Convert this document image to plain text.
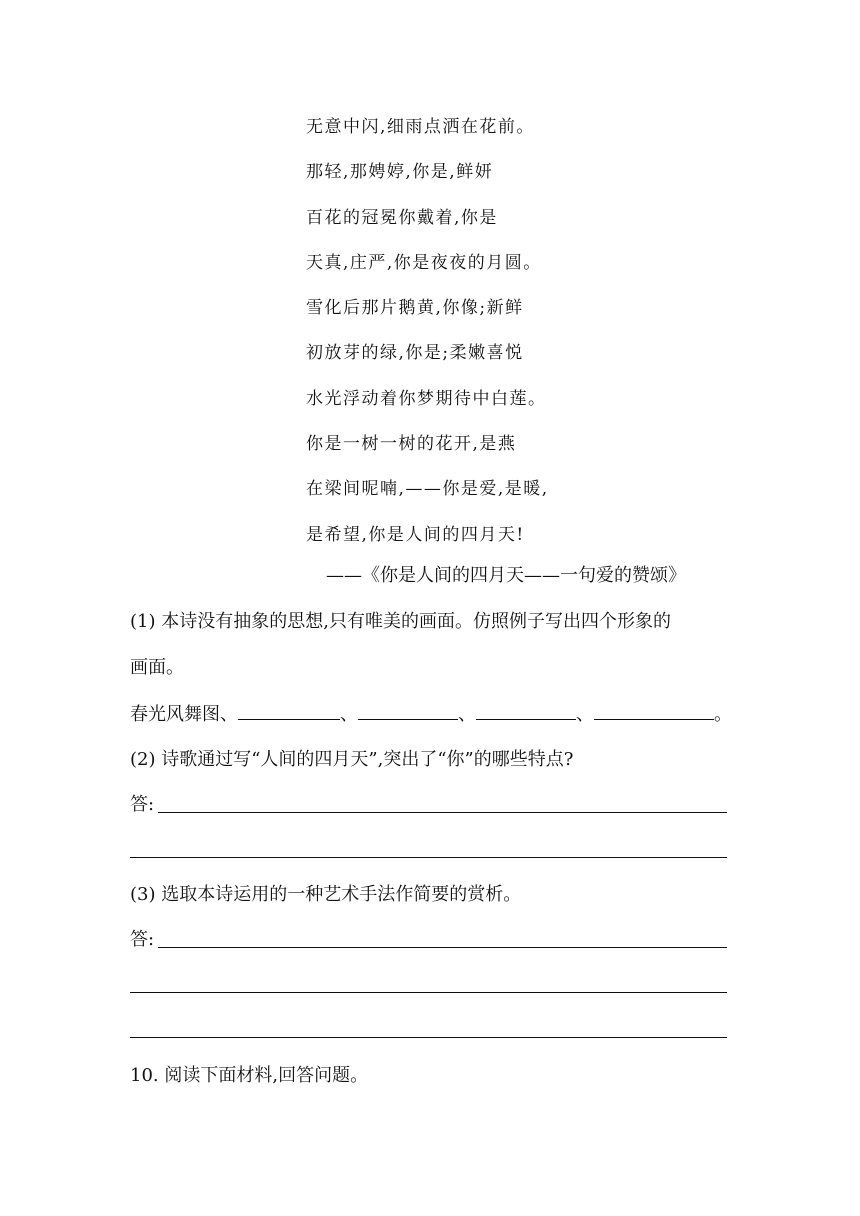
无意中闪,细雨点洒在花前。
那轻,那娉婷,你是,鲜妍
百花的冠冕你戴着,你是
天真,庄严,你是夜夜的月圆。
雪化后那片鹅黄,你像;新鲜
初放芽的绿,你是;柔嫩喜悦
水光浮动着你梦期待中白莲。
你是一树一树的花开,是燕
在梁间呢喃,——你是爱,是暖,
是希望,你是人间的四月天!
——《你是人间的四月天——一句爱的赞颂》
(1) 本诗没有抽象的思想,只有唯美的画面。仿照例子写出四个形象的
画面。
春光风舞图、	、	、	、	。
(2) 诗歌通过写“人间的四月天”,突出了“你”的哪些特点?
答:
(3) 选取本诗运用的一种艺术手法作简要的赏析。
答:
10. 阅读下面材料,回答问题。
